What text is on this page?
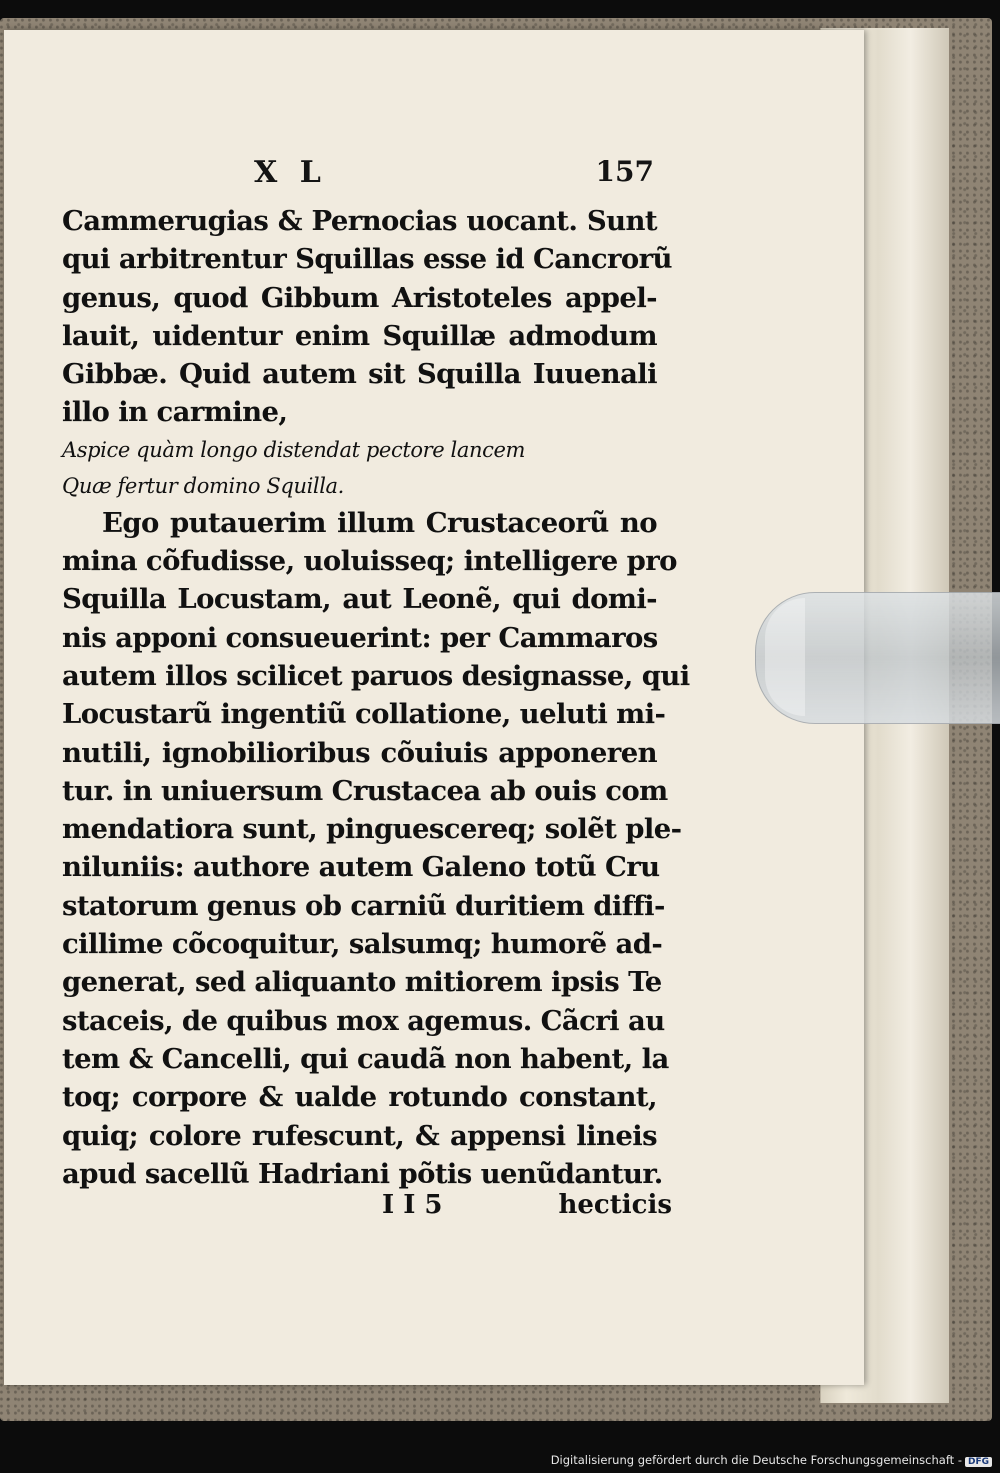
X L	157
Cammerugias & Pernocias uocant. Sunt
qui arbitrentur Squillas esse id Cancrorũ
genus, quod Gibbum Aristoteles appel-
lauit, uidentur enim Squillæ admodum
Gibbæ. Quid autem sit Squilla Iuuenali
illo in carmine,
Aspice quàm longo distendat pectore lancem
Quæ fertur domino Squilla.
Ego putauerim illum Crustaceorũ no
mina cõfudisse, uoluisseq; intelligere pro
Squilla Locustam, aut Leonẽ, qui domi-
nis apponi consueuerint: per Cammaros
autem illos scilicet paruos designasse, qui
Locustarũ ingentiũ collatione, ueluti mi-
nutili, ignobilioribus cõuiuis apponeren
tur. in uniuersum Crustacea ab ouis com
mendatiora sunt, pinguescereq; solẽt ple-
niluniis: authore autem Galeno totũ Cru
statorum genus ob carniũ duritiem diffi-
cillime cõcoquitur, salsumq; humorẽ ad-
generat, sed aliquanto mitiorem ipsis Te
staceis, de quibus mox agemus. Cãcri au
tem & Cancelli, qui caudã non habent, la
toq; corpore & ualde rotundo constant,
quiq; colore rufescunt, & appensi lineis
apud sacellũ Hadriani põtis uenũdantur.
I I 5	hecticis
Digitalisierung gefördert durch die Deutsche Forschungsgemeinschaft - DFG
